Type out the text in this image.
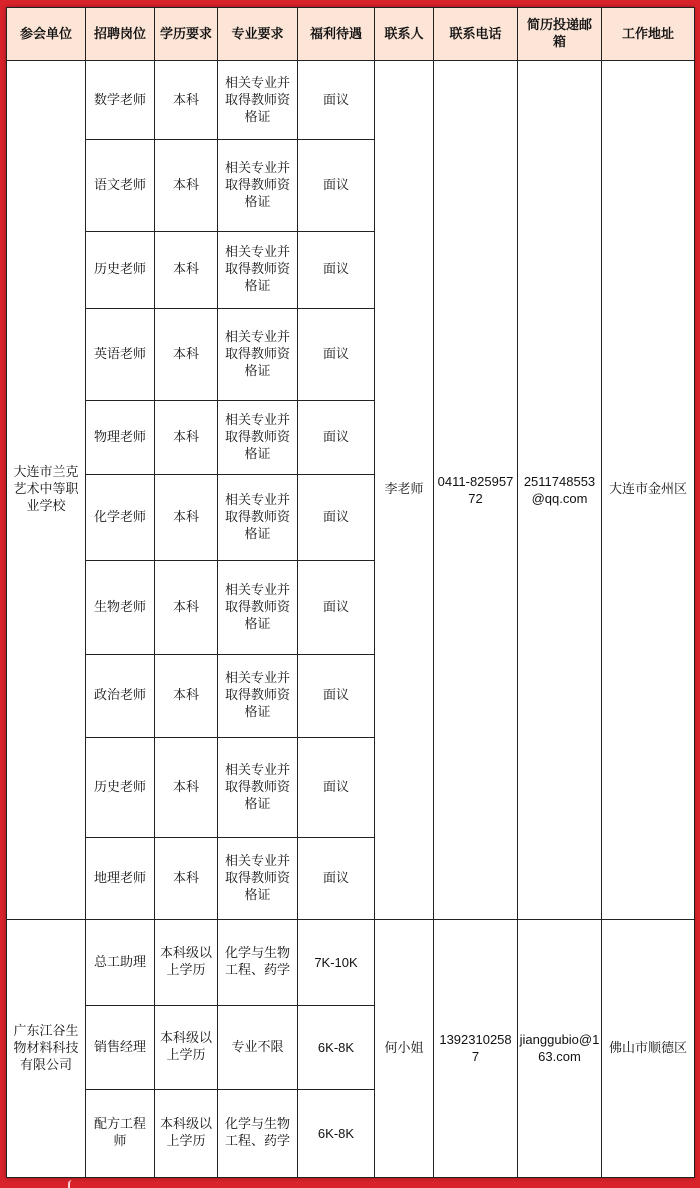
参会单位	招聘岗位	学历要求	专业要求	福利待遇	联系人	联系电话	简历投递邮箱	工作地址
大连市兰克艺术中等职业学校	数学老师	本科	相关专业并取得教师资格证	面议	李老师	0411-82595772	2511748553@qq.com	大连市金州区
	语文老师	本科	相关专业并取得教师资格证	面议				
	历史老师	本科	相关专业并取得教师资格证	面议				
	英语老师	本科	相关专业并取得教师资格证	面议				
	物理老师	本科	相关专业并取得教师资格证	面议				
	化学老师	本科	相关专业并取得教师资格证	面议				
	生物老师	本科	相关专业并取得教师资格证	面议				
	政治老师	本科	相关专业并取得教师资格证	面议				
	历史老师	本科	相关专业并取得教师资格证	面议				
	地理老师	本科	相关专业并取得教师资格证	面议				
广东江谷生物材料科技有限公司	总工助理	本科级以上学历	化学与生物工程、药学	7K-10K	何小姐	13923102587	jianggubio@163.com	佛山市顺德区
	销售经理	本科级以上学历	专业不限	6K-8K				
	配方工程师	本科级以上学历	化学与生物工程、药学	6K-8K				
